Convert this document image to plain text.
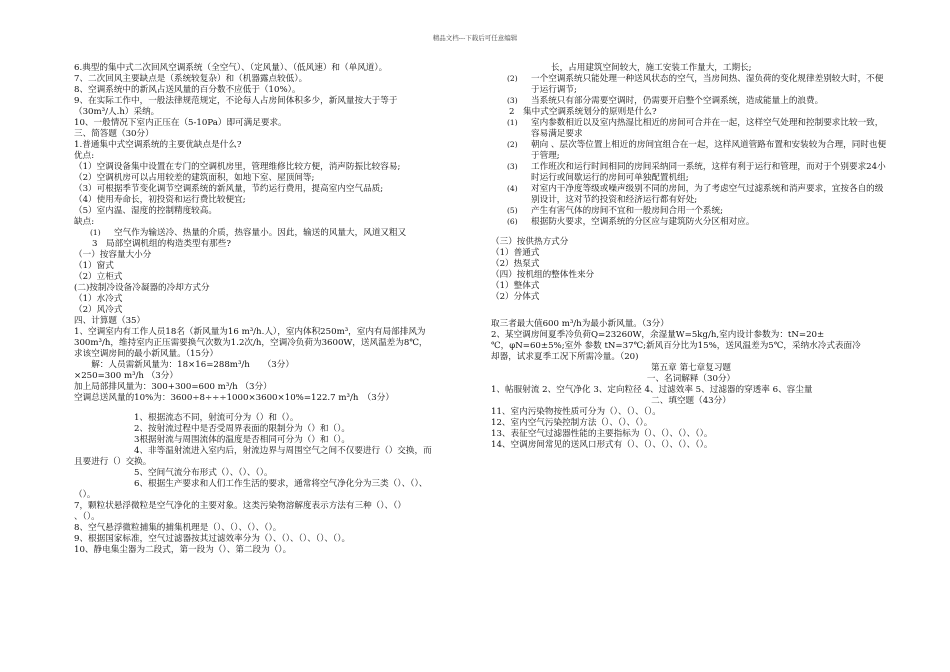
精品文档---下载后可任意编辑
6.典型的集中式二次回风空调系统（全空气）、（定风量）、（低风速）和（单风道）。
7、二次回风主要缺点是（系统较复杂）和（机器露点较低）。
8、空调系统中的新风占送风量的百分数不应低于（10%）。
9、在实际工作中，一般法律规范规定，不论每人占房间体积多少，新风量按大于等于
（30m³/人.h）采纳。
10、一般情况下室内正压在（5-10Pa）即可满足要求。
三、简答题（30分）
1.普通集中式空调系统的主要优缺点是什么?
优点:
（1）空调设备集中设置在专门的空调机房里，管理维修比较方便，消声防振比较容易;
（2）空调机房可以占用较差的建筑面积，如地下室、屋顶间等;
（3）可根据季节变化调节空调系统的新风量，节约运行费用，提高室内空气品质;
（4）使用寿命长，初投资和运行费比较便宜;
（5）室内温、湿度的控制精度较高。
缺点:
(1)	空气作为输送冷、热量的介质，热容量小。因此，输送的风量大，风道又粗又
3　局部空调机组的构造类型有那些?
（一）按容量大小分
（1）窗式
（2）立柜式
(二)按制冷设备冷凝器的冷却方式分
（1）水冷式
（2）风冷式
四、计算题（35）
1、空调室内有工作人员18名（新风量为16 m³/h.人），室内体积250m³，室内有局部排风为
300m³/h，维持室内正压需要换气次数为1.2次/h，空调冷负荷为3600W，送风温差为8℃，
求该空调房间的最小新风量。（15分）
　　解：人员需新风量为：18×16=288m³/h　　（3分）
×250=300 m³/h （3分）
加上局部排风量为：300+300=600 m³/h （3分）
空调总送风量的10%为：3600÷8÷÷÷1000×3600×10%=122.7 m³/h　（3分）
1、根据流态不同，射流可分为（）和（）。
2、按射流过程中是否受周界表面的限制分为（）和（）。
3根据射流与周围流体的温度是否相同可分为（）和（）。
4、非等温射流进入室内后，射流边界与周围空气之间不仅要进行（）交换，而
且要进行（）交换。
5、空间气流分布形式（）、（）、（）。
6、根据生产要求和人们工作生活的要求，通常将空气净化分为三类（）、（）、
（）。
7，颗粒状悬浮微粒是空气净化的主要对象。这类污染物溶解度表示方法有三种（）、（）
、（）。
8、空气悬浮微粒捕集的捕集机理是（）、（）、（）、（）。
9、根据国家标准，空气过滤器按其过滤效率分为（）、（）、（）、（）、（）。
10、静电集尘器为二段式，第一段为（）、第二段为（）。
长，占用建筑空间较大，施工安装工作量大，工期长;
(2)	一个空调系统只能处理一种送风状态的空气，当房间热、湿负荷的变化规律差别较大时，不便于运行调节;
(3)	当系统只有部分需要空调时，仍需要开启整个空调系统，造成能量上的浪费。
2　集中式空调系统划分的原则是什么?
(1)	室内参数相近以及室内热湿比相近的房间可合并在一起，这样空气处理和控制要求比较一致，容易满足要求
(2)	朝向 、层次等位置上相近的房间宜组合在一起，这样风道管路布置和安装较为合理，同时也便于管理;
(3)	工作班次和运行时间相同的房间采纳同一系统，这样有利于运行和管理，而对于个别要求24小时运行或间歇运行的房间可单独配置机组;
(4)	对室内干净度等级或噪声级别不同的房间，为了考虑空气过滤系统和消声要求，宜按各自的级别设计，这对节约投资和经济运行都有好处;
(5)	产生有害气体的房间不宜和一般房间合用一个系统;
(6)	根据防火要求，空调系统的分区应与建筑防火分区相对应。
（三）按供热方式分
（1）普通式
（2）热泵式
（四）按机组的整体性来分
（1）整体式
（2）分体式
取三者最大值600 m³/h为最小新风量。（3分）
2、某空调房间夏季冷负荷Q=23260W，余湿量W=5kg/h,室内设计参数为：tN=20±
℃，φN=60±5%;室外 参数 tN=37℃;新风百分比为15%，送风温差为5℃，采纳水冷式表面冷
却器，试求夏季工况下所需冷量。（20)
第五章 第七章复习题
一、名词解释（30分）
1、帖服射流 2、空气净化 3、定向粒径 4、过滤效率 5、过滤器的穿透率 6、容尘量
二、填空题（43分）
11、室内污染物按性质可分为（）、（）、（）。
12、室内空气污染控制方法（）、（）、（）。
13、表征空气过滤器性能的主要指标为（）、（）、（）、（）。
14、空调房间常见的送风口形式有（）、（）、（）、（）、（）。
